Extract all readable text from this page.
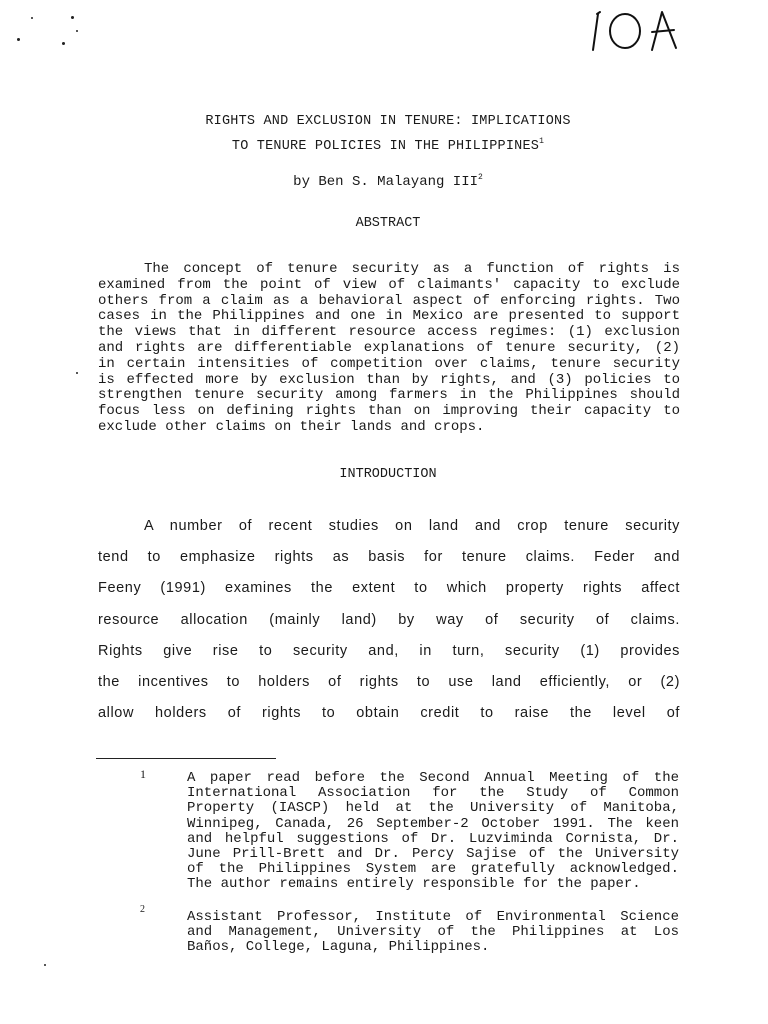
RIGHTS AND EXCLUSION IN TENURE: IMPLICATIONS
TO TENURE POLICIES IN THE PHILIPPINES$^1$
by Ben S. Malayang III$^2$
ABSTRACT
The concept of tenure security as a function of rights is
examined from the point of view of claimants' capacity to exclude
others from a claim as a behavioral aspect of enforcing rights. Two
cases in the Philippines and one in Mexico are presented to support
the views that in different resource access regimes: (1) exclusion
and rights are differentiable explanations of tenure security, (2)
in certain intensities of competition over claims, tenure security
is effected more by exclusion than by rights, and (3) policies to
strengthen tenure security among farmers in the Philippines should
focus less on defining rights than on improving their capacity to
exclude other claims on their lands and crops.
INTRODUCTION
A number of recent studies on land and crop tenure security
tend to emphasize rights as basis for tenure claims. Feder and
Feeny (1991) examines the extent to which property rights affect
resource allocation (mainly land) by way of security of claims.
Rights give rise to security and, in turn, security (1) provides
the incentives to holders of rights to use land efficiently, or (2)
allow holders of rights to obtain credit to raise the level of
1	A paper read before the Second Annual Meeting of the
International Association for the Study of Common
Property (IASCP) held at the University of Manitoba,
Winnipeg, Canada, 26 September-2 October 1991. The keen
and helpful suggestions of Dr. Luzviminda Cornista, Dr.
June Prill-Brett and Dr. Percy Sajise of the University
of the Philippines System are gratefully acknowledged.
The author remains entirely responsible for the paper.
2	Assistant Professor, Institute of Environmental Science
and Management, University of the Philippines at Los
Baños, College, Laguna, Philippines.
